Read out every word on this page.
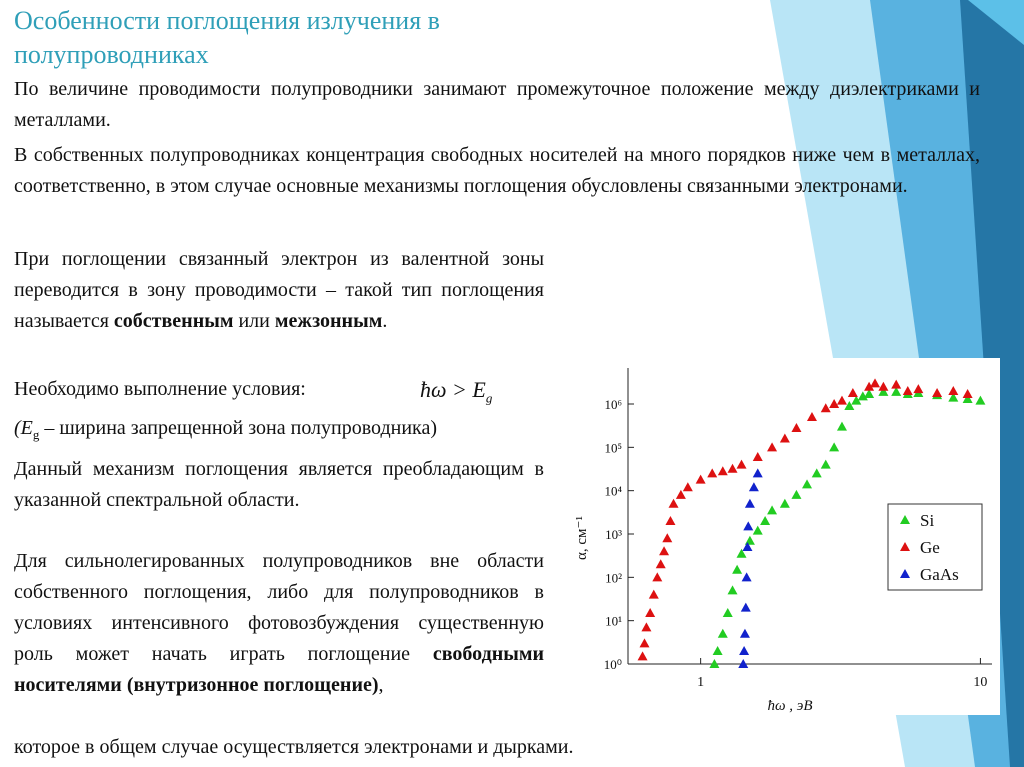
Особенности поглощения излучения в полупроводниках

По величине проводимости полупроводники занимают промежуточное положение между диэлектриками и металлами.

В собственных полупроводниках концентрация свободных носителей на много порядков ниже чем в металлах, соответственно, в этом случае основные механизмы поглощения обусловлены связанными электронами.

При поглощении связанный электрон из валентной зоны переводится в зону проводимости – такой тип поглощения называется собственным или межзонным.

Необходимо выполнение условия:	ħω > $E_g$
($E_g$ – ширина запрещенной зона полупроводника)

Данный механизм поглощения является преобладающим в указанной спектральной области.

Для сильнолегированных полупроводников вне области собственного поглощения, либо для полупроводников в условиях интенсивного фотовозбуждения существенную роль может начать играть поглощение свободными носителями (внутризонное поглощение),

которое в общем случае осуществляется электронами и дырками.
10⁰
10¹
10²
10³
10⁴
10⁵
10⁶
1	10
ħω , эВ
α, см⁻¹	Si
Ge
GaAs
